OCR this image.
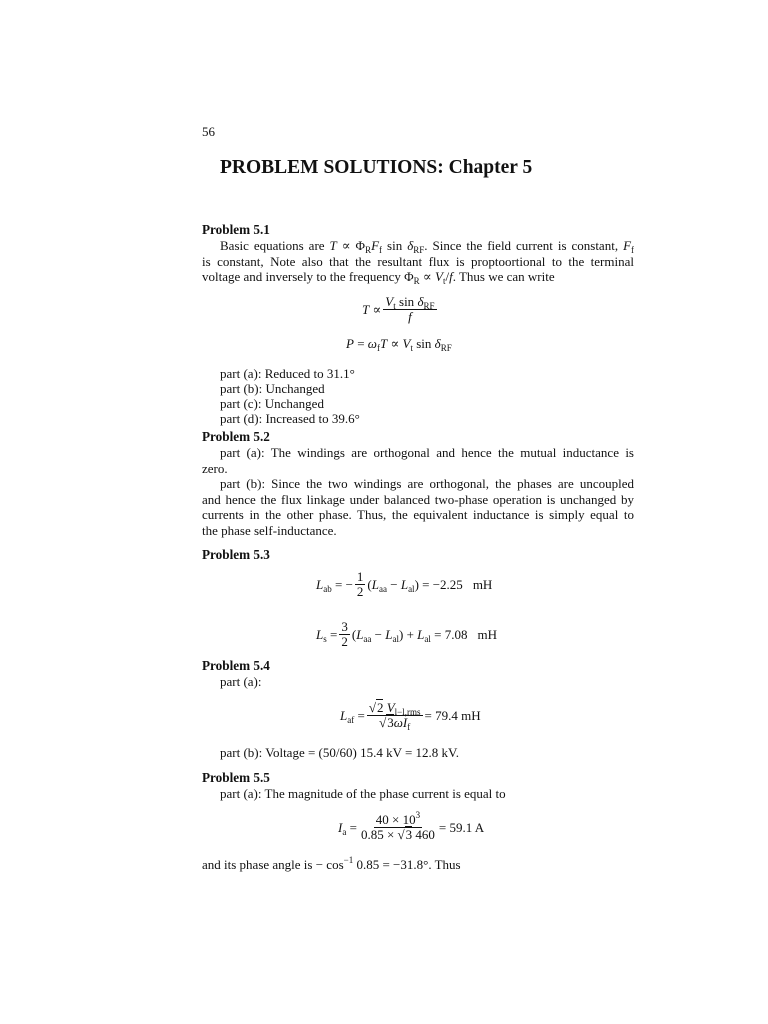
56
PROBLEM SOLUTIONS: Chapter 5
Problem 5.1
Basic equations are $T \propto \Phi_RF_f$ $\sin \delta_{RF}$. Since the field current is constant, $F_f$
is constant, Note also that the resultant flux is proptoortional to the terminal
voltage and inversely to the frequency $\Phi_R \propto V_t/f$. Thus we can write
$T \propto \frac{V_t \sin \delta_{RF}}{f}$
$P = \omega_fT \propto V_t$ $\sin \delta_{RF}$
part (a): Reduced to 31.1°
part (b): Unchanged
part (c): Unchanged
part (d): Increased to 39.6°
Problem 5.2
part (a): The windings are orthogonal and hence the mutual inductance is
zero.
part (b): Since the two windings are orthogonal, the phases are uncoupled
and hence the flux linkage under balanced two-phase operation is unchanged by
currents in the other phase. Thus, the equivalent inductance is simply equal to
the phase self-inductance.
Problem 5.3
$L_{ab}$ = − $\frac{1}{2} (L_{aa} - L_{al}) = -2.25$ mH
$L_s = \frac{3}{2} (L_{aa} - L_{al}) + L_{al} = 7.08$ mH
Problem 5.4
part (a):
$L_{af} = \frac{√2 V_{l-l,rms}}{√3\omega I_f} = 79.4$ mH
part (b): Voltage = (50/60) 15.4 kV = 12.8 kV.
Problem 5.5
part (a): The magnitude of the phase current is equal to
$I_a = \frac{40 \times 10^3}{0.85 \times √3 460} = 59.1$ A
and its phase angle is − $\cos^{-1} 0.85 = -31.8^\circ$. Thus
